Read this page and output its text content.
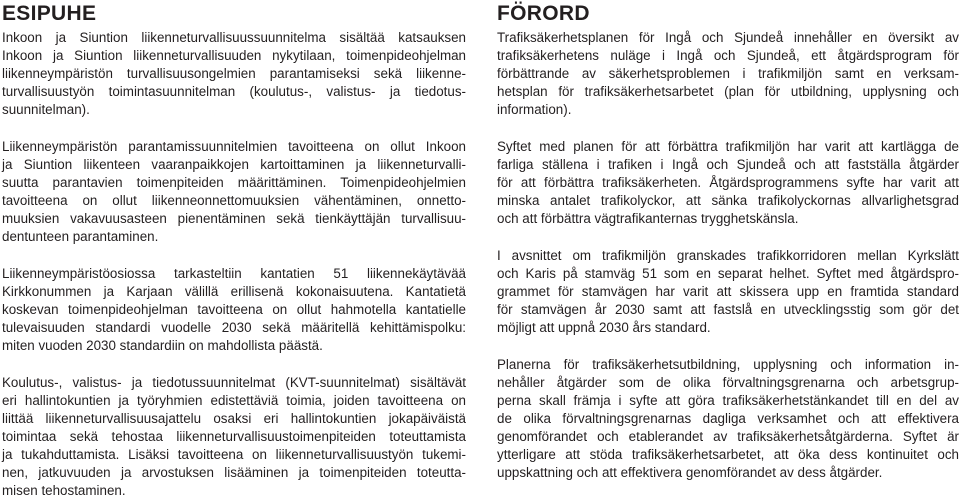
ESIPUHE

Inkoon ja Siuntion liikenneturvallisuussuunnitelma sisältää katsauksen
Inkoon ja Siuntion liikenneturvallisuuden nykytilaan, toimenpideohjelman
liikenneympäristön turvallisuusongelmien parantamiseksi sekä liikenne-
turvallisuustyön toimintasuunnitelman (koulutus-, valistus- ja tiedotus-
suunnitelman).

Liikenneympäristön parantamissuunnitelmien tavoitteena on ollut Inkoon
ja Siuntion liikenteen vaaranpaikkojen kartoittaminen ja liikenneturvalli-
suutta parantavien toimenpiteiden määrittäminen. Toimenpideohjelmien
tavoitteena on ollut liikenneonnettomuuksien vähentäminen, onnetto-
muuksien vakavuusasteen pienentäminen sekä tienkäyttäjän turvallisuu-
dentunteen parantaminen.

Liikenneympäristöosiossa tarkasteltiin kantatien 51 liikennekäytävää
Kirkkonummen ja Karjaan välillä erillisenä kokonaisuutena. Kantatietä
koskevan toimenpideohjelman tavoitteena on ollut hahmotella kantatielle
tulevaisuuden standardi vuodelle 2030 sekä määritellä kehittämispolku:
miten vuoden 2030 standardiin on mahdollista päästä.

Koulutus-, valistus- ja tiedotussuunnitelmat (KVT-suunnitelmat) sisältävät
eri hallintokuntien ja työryhmien edistettäviä toimia, joiden tavoitteena on
liittää liikenneturvallisuusajattelu osaksi eri hallintokuntien jokapäiväistä
toimintaa sekä tehostaa liikenneturvallisuustoimenpiteiden toteuttamista
ja tukahduttamista. Lisäksi tavoitteena on liikenneturvallisuustyön tukemi-
nen, jatkuvuuden ja arvostuksen lisääminen ja toimenpiteiden toteutta-
misen tehostaminen.

FÖRORD

Trafiksäkerhetsplanen för Ingå och Sjundeå innehåller en översikt av
trafiksäkerhetens nuläge i Ingå och Sjundeå, ett åtgärdsprogram för
förbättrande av säkerhetsproblemen i trafikmiljön samt en verksam-
hetsplan för trafiksäkerhetsarbetet (plan för utbildning, upplysning och
information).

Syftet med planen för att förbättra trafikmiljön har varit att kartlägga de
farliga ställena i trafiken i Ingå och Sjundeå och att fastställa åtgärder
för att förbättra trafiksäkerheten. Åtgärdsprogrammens syfte har varit att
minska antalet trafikolyckor, att sänka trafikolyckornas allvarlighetsgrad
och att förbättra vägtrafikanternas trygghetskänsla.

I avsnittet om trafikmiljön granskades trafikkorridoren mellan Kyrkslätt
och Karis på stamväg 51 som en separat helhet. Syftet med åtgärdspro-
grammet för stamvägen har varit att skissera upp en framtida standard
för stamvägen år 2030 samt att fastslå en utvecklingsstig som gör det
möjligt att uppnå 2030 års standard.

Planerna för trafiksäkerhetsutbildning, upplysning och information in-
nehåller åtgärder som de olika förvaltningsgrenarna och arbetsgrup-
perna skall främja i syfte att göra trafiksäkerhetstänkandet till en del av
de olika förvaltningsgrenarnas dagliga verksamhet och att effektivera
genomförandet och etablerandet av trafiksäkerhetsåtgärderna. Syftet är
ytterligare att stöda trafiksäkerhetsarbetet, att öka dess kontinuitet och
uppskattning och att effektivera genomförandet av dess åtgärder.
